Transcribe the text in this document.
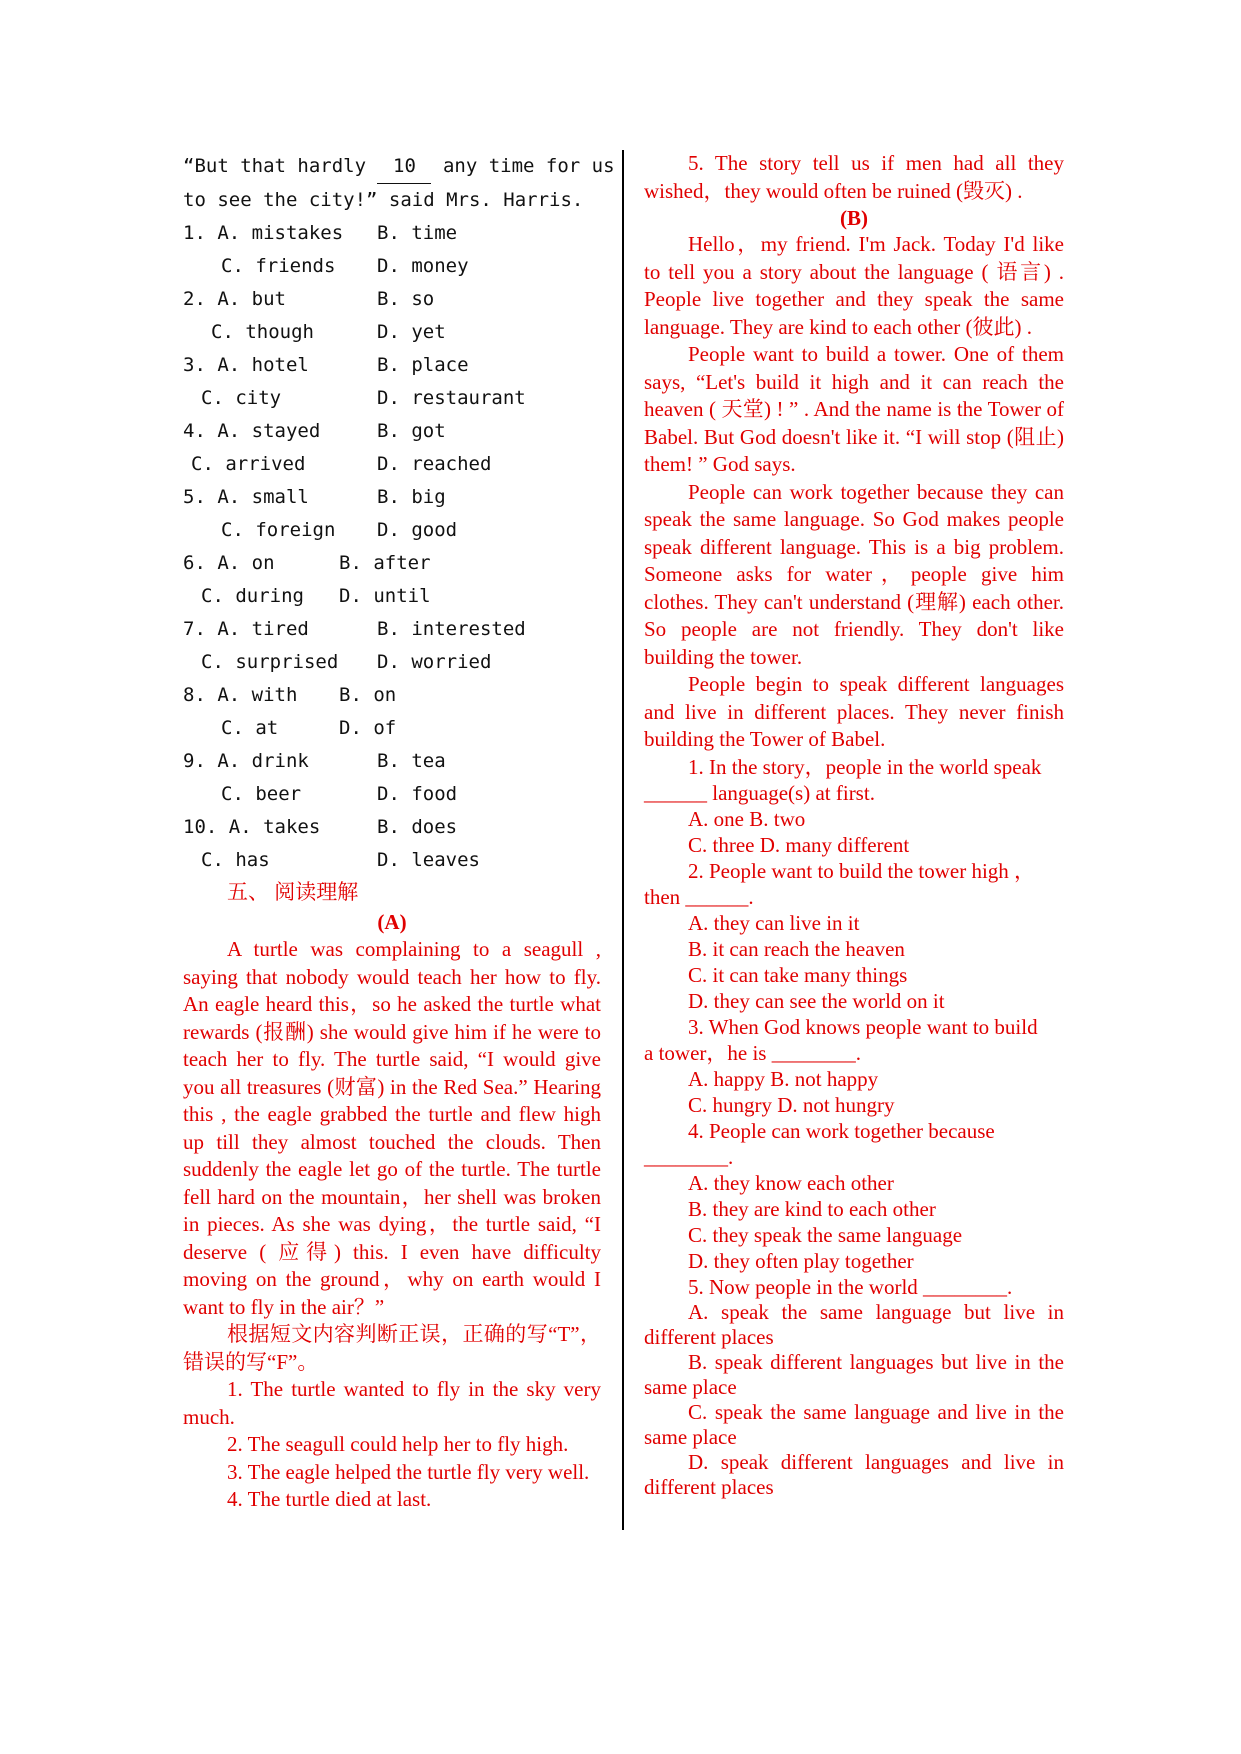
“But that hardly 10 any time for us
to see the city!” said Mrs. Harris.
1. A. mistakes B. time
C. friends D. money
2. A. but	B. so
C. though	D. yet
3. A. hotel	B. place
C. city	D. restaurant
4. A. stayed	B. got
C. arrived	D. reached
5. A. small	B. big
C. foreign D. good
6. A. on	B. after
C. during D. until
7. A. tired	B. interested
C. surprised D. worried
8. A. with B. on
C. at	D. of
9. A. drink	B. tea
C. beer	D. food
10. A. takes	B. does
C. has	D. leaves
五、 阅读理解
(A)

A turtle was complaining to a seagull , saying that nobody would teach her how to fly. An eagle heard this，so he asked the turtle what rewards (报酬) she would give him if he were to teach her to fly. The turtle said, “I would give you all treasures (财富) in the Red Sea.” Hearing this , the eagle grabbed the turtle and flew high up till they almost touched the clouds. Then suddenly the eagle let go of the turtle. The turtle fell hard on the mountain，her shell was broken in pieces. As she was dying，the turtle said, “I deserve ( 应得) this. I even have difficulty moving on the ground，why on earth would I want to fly in the air？”

根据短文内容判断正误，正确的写“T”，错误的写“F”。

1. The turtle wanted to fly in the sky very much.

2. The seagull could help her to fly high.

3. The eagle helped the turtle fly very well.

4. The turtle died at last.

5. The story tell us if men had all they wished，they would often be ruined (毁灭) .

(B)

Hello，my friend. I'm Jack. Today I'd like to tell you a story about the language ( 语言) . People live together and they speak the same language. They are kind to each other (彼此) .

People want to build a tower. One of them says, “Let's build it high and it can reach the heaven ( 天堂) ! ” . And the name is the Tower of Babel. But God doesn't like it. “I will stop (阻止) them! ” God says.

People can work together because they can speak the same language. So God makes people speak different language. This is a big problem. Someone asks for water，people give him clothes. They can't understand (理解) each other. So people are not friendly. They don't like building the tower.

People begin to speak different languages and live in different places. They never finish building the Tower of Babel.

1. In the story，people in the world speak
______ language(s) at first.
A. one B. two
C. three D. many different
2. People want to build the tower high ，
then ______.
A. they can live in it
B. it can reach the heaven
C. it can take many things
D. they can see the world on it
3. When God knows people want to build
a tower，he is ________.
A. happy B. not happy
C. hungry D. not hungry
4. People can work together because
________.
A. they know each other
B. they are kind to each other
C. they speak the same language
D. they often play together
5. Now people in the world ________.

A. speak the same language but live in different places

B. speak different languages but live in the same place

C. speak the same language and live in the same place

D. speak different languages and live in different places
